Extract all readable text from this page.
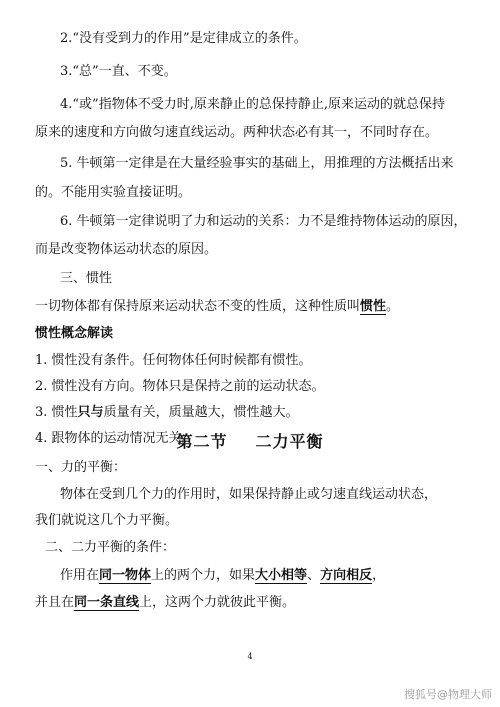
2.“没有受到力的作用”是定律成立的条件。
3.“总”一直、不变。
4.“或”指物体不受力时,原来静止的总保持静止,原来运动的就总保持
原来的速度和方向做匀速直线运动。两种状态必有其一，不同时存在。
5. 牛顿第一定律是在大量经验事实的基础上，用推理的方法概括出来
的。不能用实验直接证明。
6. 牛顿第一定律说明了力和运动的关系：力不是维持物体运动的原因，
而是改变物体运动状态的原因。
三、惯性
一切物体都有保持原来运动状态不变的性质，这种性质叫惯性。
惯性概念解读
1. 惯性没有条件。任何物体任何时候都有惯性。
2. 惯性没有方向。物体只是保持之前的运动状态。
3. 惯性只与质量有关，质量越大，惯性越大。
第二节 二力平衡
4. 跟物体的运动情况无关。
一、力的平衡：
物体在受到几个力的作用时，如果保持静止或匀速直线运动状态，
我们就说这几个力平衡。
二、二力平衡的条件：
作用在同一物体上的两个力，如果大小相等、方向相反，
并且在同一条直线上，这两个力就彼此平衡。
4
搜狐号@物理大师
